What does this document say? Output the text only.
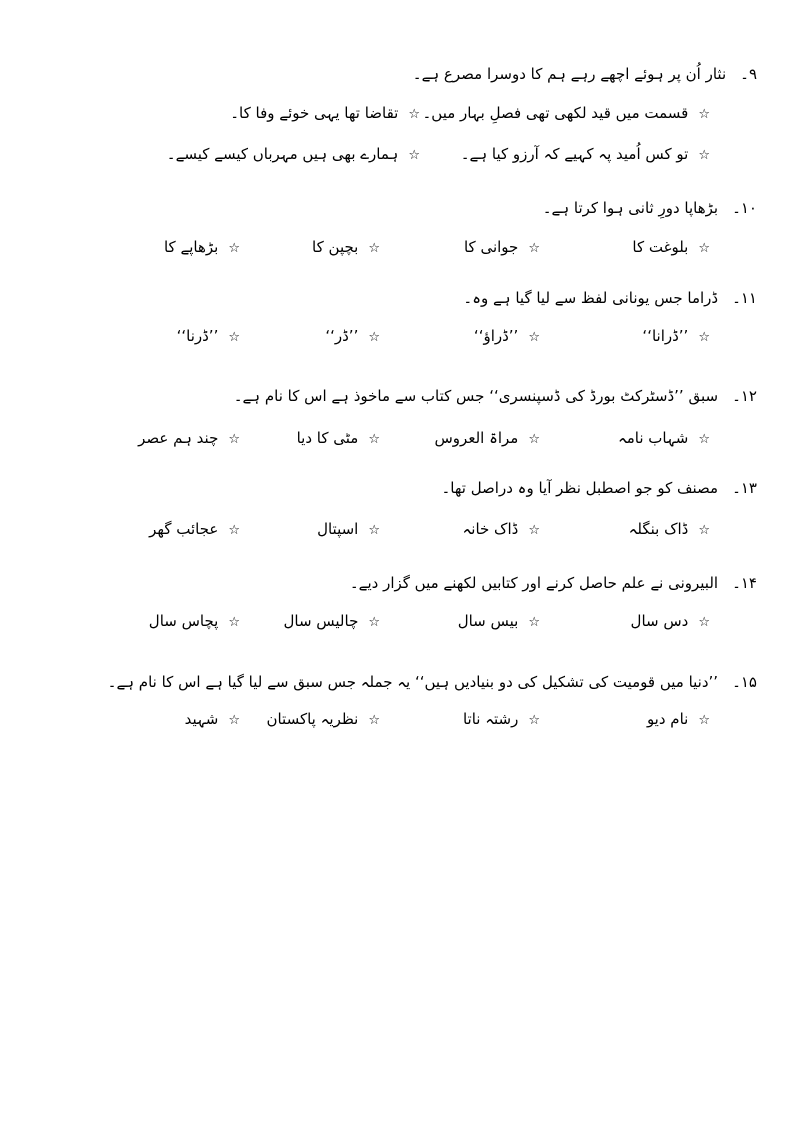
۹۔نثار اُن پر ہوئے اچھے رہے ہم کا دوسرا مصرع ہے۔
☆قسمت میں قید لکھی تھی فصلِ بہار میں۔
☆تقاضا تھا یہی خوئے وفا کا۔
☆تو کس اُمید پہ کہیے کہ آرزو کیا ہے۔
☆ہمارے بھی ہیں مہرباں کیسے کیسے۔
۱۰۔بڑھاپا دورِ ثانی ہوا کرتا ہے۔
☆بلوغت کا
☆جوانی کا
☆بچپن کا
☆بڑھاپے کا
۱۱۔ڈراما جس یونانی لفظ سے لیا گیا ہے وہ۔
☆’’ڈرانا‘‘
☆’’ڈراؤ‘‘
☆’’ڈر‘‘
☆’’ڈرنا‘‘
۱۲۔سبق ’’ڈسٹرکٹ بورڈ کی ڈسپنسری‘‘ جس کتاب سے ماخوذ ہے اس کا نام ہے۔
☆شہاب نامہ
☆مراۃ العروس
☆مٹی کا دیا
☆چند ہم عصر
۱۳۔مصنف کو جو اصطبل نظر آیا وہ دراصل تھا۔
☆ڈاک بنگلہ
☆ڈاک خانہ
☆اسپتال
☆عجائب گھر
۱۴۔البیرونی نے علم حاصل کرنے اور کتابیں لکھنے میں گزار دیے۔
☆دس سال
☆بیس سال
☆چالیس سال
☆پچاس سال
۱۵۔’’دنیا میں قومیت کی تشکیل کی دو بنیادیں ہیں‘‘ یہ جملہ جس سبق سے لیا گیا ہے اس کا نام ہے۔
☆نام دیو
☆رشتہ ناتا
☆نظریہ پاکستان
☆شہید
